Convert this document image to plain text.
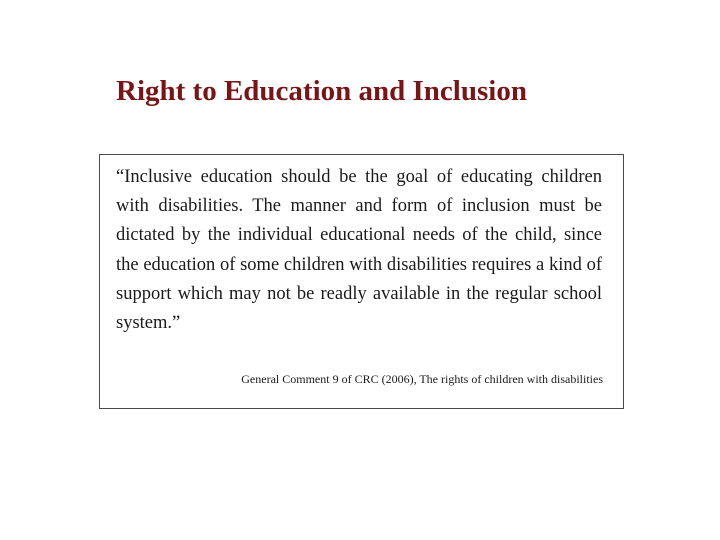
Right to Education and Inclusion

“Inclusive education should be the goal of educating children with disabilities. The manner and form of inclusion must be dictated by the individual educational needs of the child, since the education of some children with disabilities requires a kind of support which may not be readly available in the regular school system.”

General Comment 9 of CRC (2006), The rights of children with disabilities
